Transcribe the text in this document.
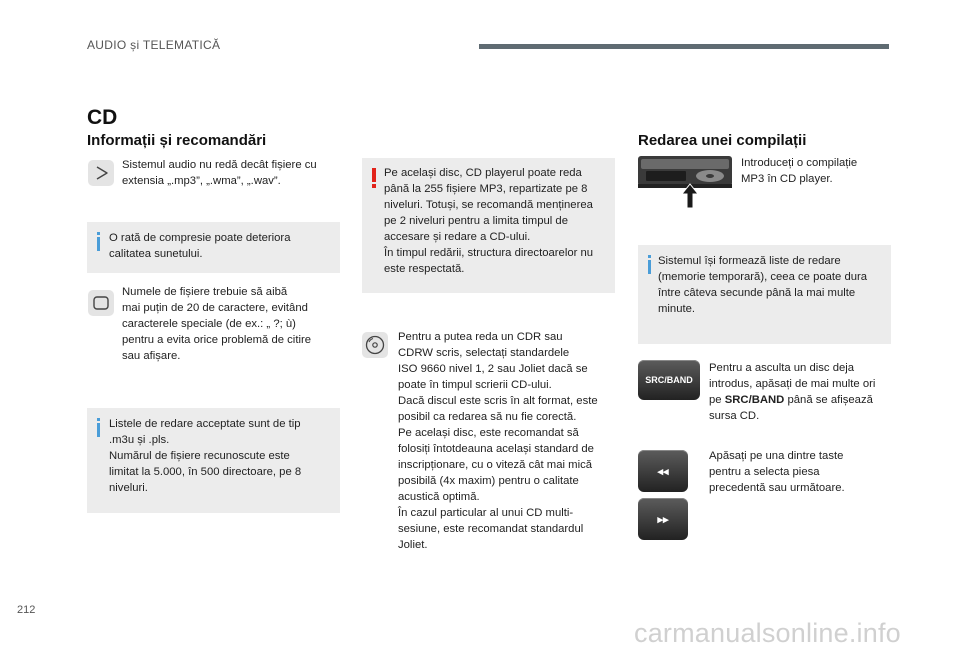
AUDIO și TELEMATICĂ
CD
Informații și recomandări
Sistemul audio nu redă decât fișiere cu
extensia „.mp3”, „.wma”, „.wav”.
O rată de compresie poate deteriora
calitatea sunetului.
Numele de fișiere trebuie să aibă
mai puțin de 20 de caractere, evitând
caracterele speciale (de ex.: „ ?; ù)
pentru a evita orice problemă de citire
sau afișare.
Listele de redare acceptate sunt de tip
.m3u și .pls.
Numărul de fișiere recunoscute este
limitat la 5.000, în 500 directoare, pe 8
niveluri.
Pe același disc, CD playerul poate reda
până la 255 fișiere MP3, repartizate pe 8
niveluri. Totuși, se recomandă menținerea
pe 2 niveluri pentru a limita timpul de
accesare și redare a CD-ului.
În timpul redării, structura directoarelor nu
este respectată.
Pentru a putea reda un CDR sau
CDRW scris, selectați standardele
ISO 9660 nivel 1, 2 sau Joliet dacă se
poate în timpul scrierii CD-ului.
Dacă discul este scris în alt format, este
posibil ca redarea să nu fie corectă.
Pe același disc, este recomandat să
folosiți întotdeauna același standard de
inscripționare, cu o viteză cât mai mică
posibilă (4x maxim) pentru o calitate
acustică optimă.
În cazul particular al unui CD multi-
sesiune, este recomandat standardul
Joliet.
Redarea unei compilații
Introduceți o compilație
MP3 în CD player.
Sistemul își formează liste de redare
(memorie temporară), ceea ce poate dura
între câteva secunde până la mai multe
minute.
SRC/BAND
Pentru a asculta un disc deja
introdus, apăsați de mai multe ori
pe SRC/BAND până se afișează
sursa CD.
◂◂
▸▸
Apăsați pe una dintre taste
pentru a selecta piesa
precedentă sau următoare.
212
carmanualsonline.info
